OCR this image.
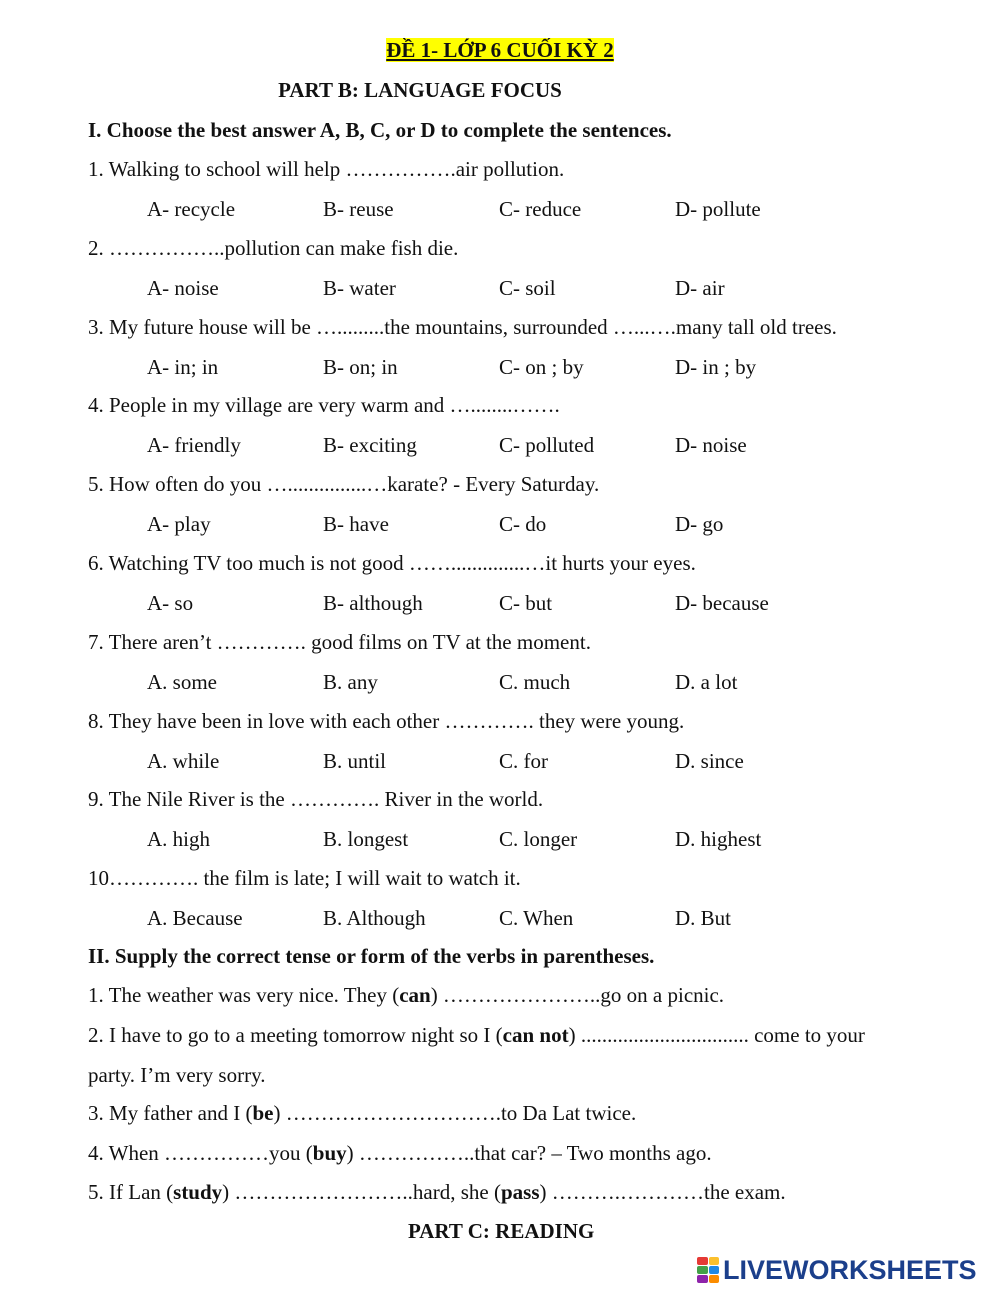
ĐỀ 1- LỚP 6 CUỐI KỲ 2
PART B: LANGUAGE FOCUS
I. Choose the best answer A, B, C, or D to complete the sentences.
1. Walking to school will help …………….air pollution.
A- recycle	B- reuse	C- reduce	D- pollute
2. ……………..pollution can make fish die.
A- noise	B- water	C- soil	D- air
3. My future house will be ….........the mountains, surrounded …...….many tall old trees.
A- in; in	B- on; in	C- on ; by	D- in ; by
4. People in my village are very warm and …........…….
A- friendly	B- exciting	C- polluted	D- noise
5. How often do you …...............…karate? - Every Saturday.
A- play	B- have	C- do	D- go
6. Watching TV too much is not good ……..............…it hurts your eyes.
A- so	B- although	C- but	D- because
7. There aren’t …………. good films on TV at the moment.
A. some	B. any	C. much	D. a lot
8. They have been in love with each other …………. they were young.
A. while	B. until	C. for	D. since
9. The Nile River is the …………. River in the world.
A. high	B. longest	C. longer	D. highest
10…………. the film is late; I will wait to watch it.
A. Because	B. Although	C. When	D. But
II. Supply the correct tense or form of the verbs in parentheses.
1. The weather was very nice. They (can) …………………..go on a picnic.
2. I have to go to a meeting tomorrow night so I (can not) ................................ come to your
party. I’m very sorry.
3. My father and I (be) ………………………….to Da Lat twice.
4. When ……………you (buy) ……………..that car? – Two months ago.
5. If Lan (study) ……………………..hard, she (pass) ……….…………the exam.
PART C: READING
LIVEWORKSHEETS
